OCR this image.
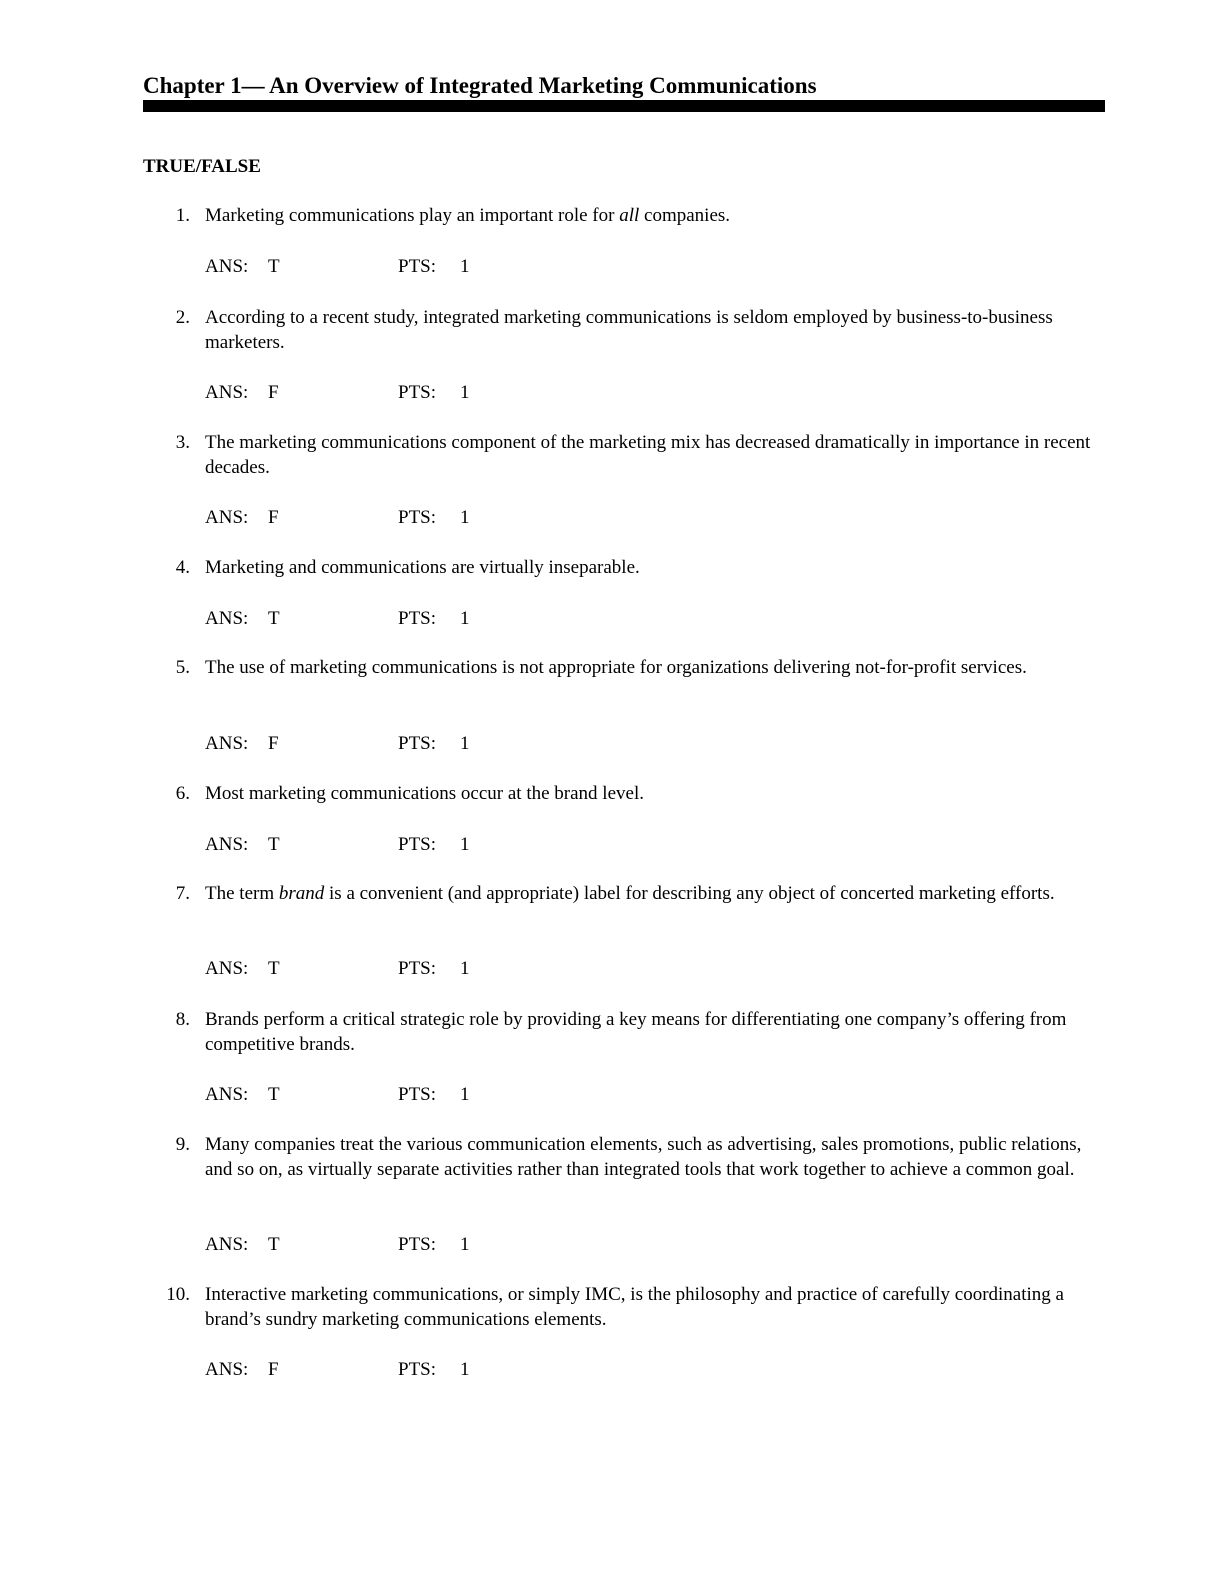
Chapter 1— An Overview of Integrated Marketing Communications
TRUE/FALSE
1. Marketing communications play an important role for all companies.
ANS: T	PTS: 1
2. According to a recent study, integrated marketing communications is seldom employed by business-to-business marketers.
ANS: F	PTS: 1
3. The marketing communications component of the marketing mix has decreased dramatically in importance in recent decades.
ANS: F	PTS: 1
4. Marketing and communications are virtually inseparable.
ANS: T	PTS: 1
5. The use of marketing communications is not appropriate for organizations delivering not-for-profit services.
ANS: F	PTS: 1
6. Most marketing communications occur at the brand level.
ANS: T	PTS: 1
7. The term brand is a convenient (and appropriate) label for describing any object of concerted marketing efforts.
ANS: T	PTS: 1
8. Brands perform a critical strategic role by providing a key means for differentiating one company’s offering from competitive brands.
ANS: T	PTS: 1
9. Many companies treat the various communication elements, such as advertising, sales promotions, public relations, and so on, as virtually separate activities rather than integrated tools that work together to achieve a common goal.
ANS: T	PTS: 1
10. Interactive marketing communications, or simply IMC, is the philosophy and practice of carefully coordinating a brand’s sundry marketing communications elements.
ANS: F	PTS: 1
